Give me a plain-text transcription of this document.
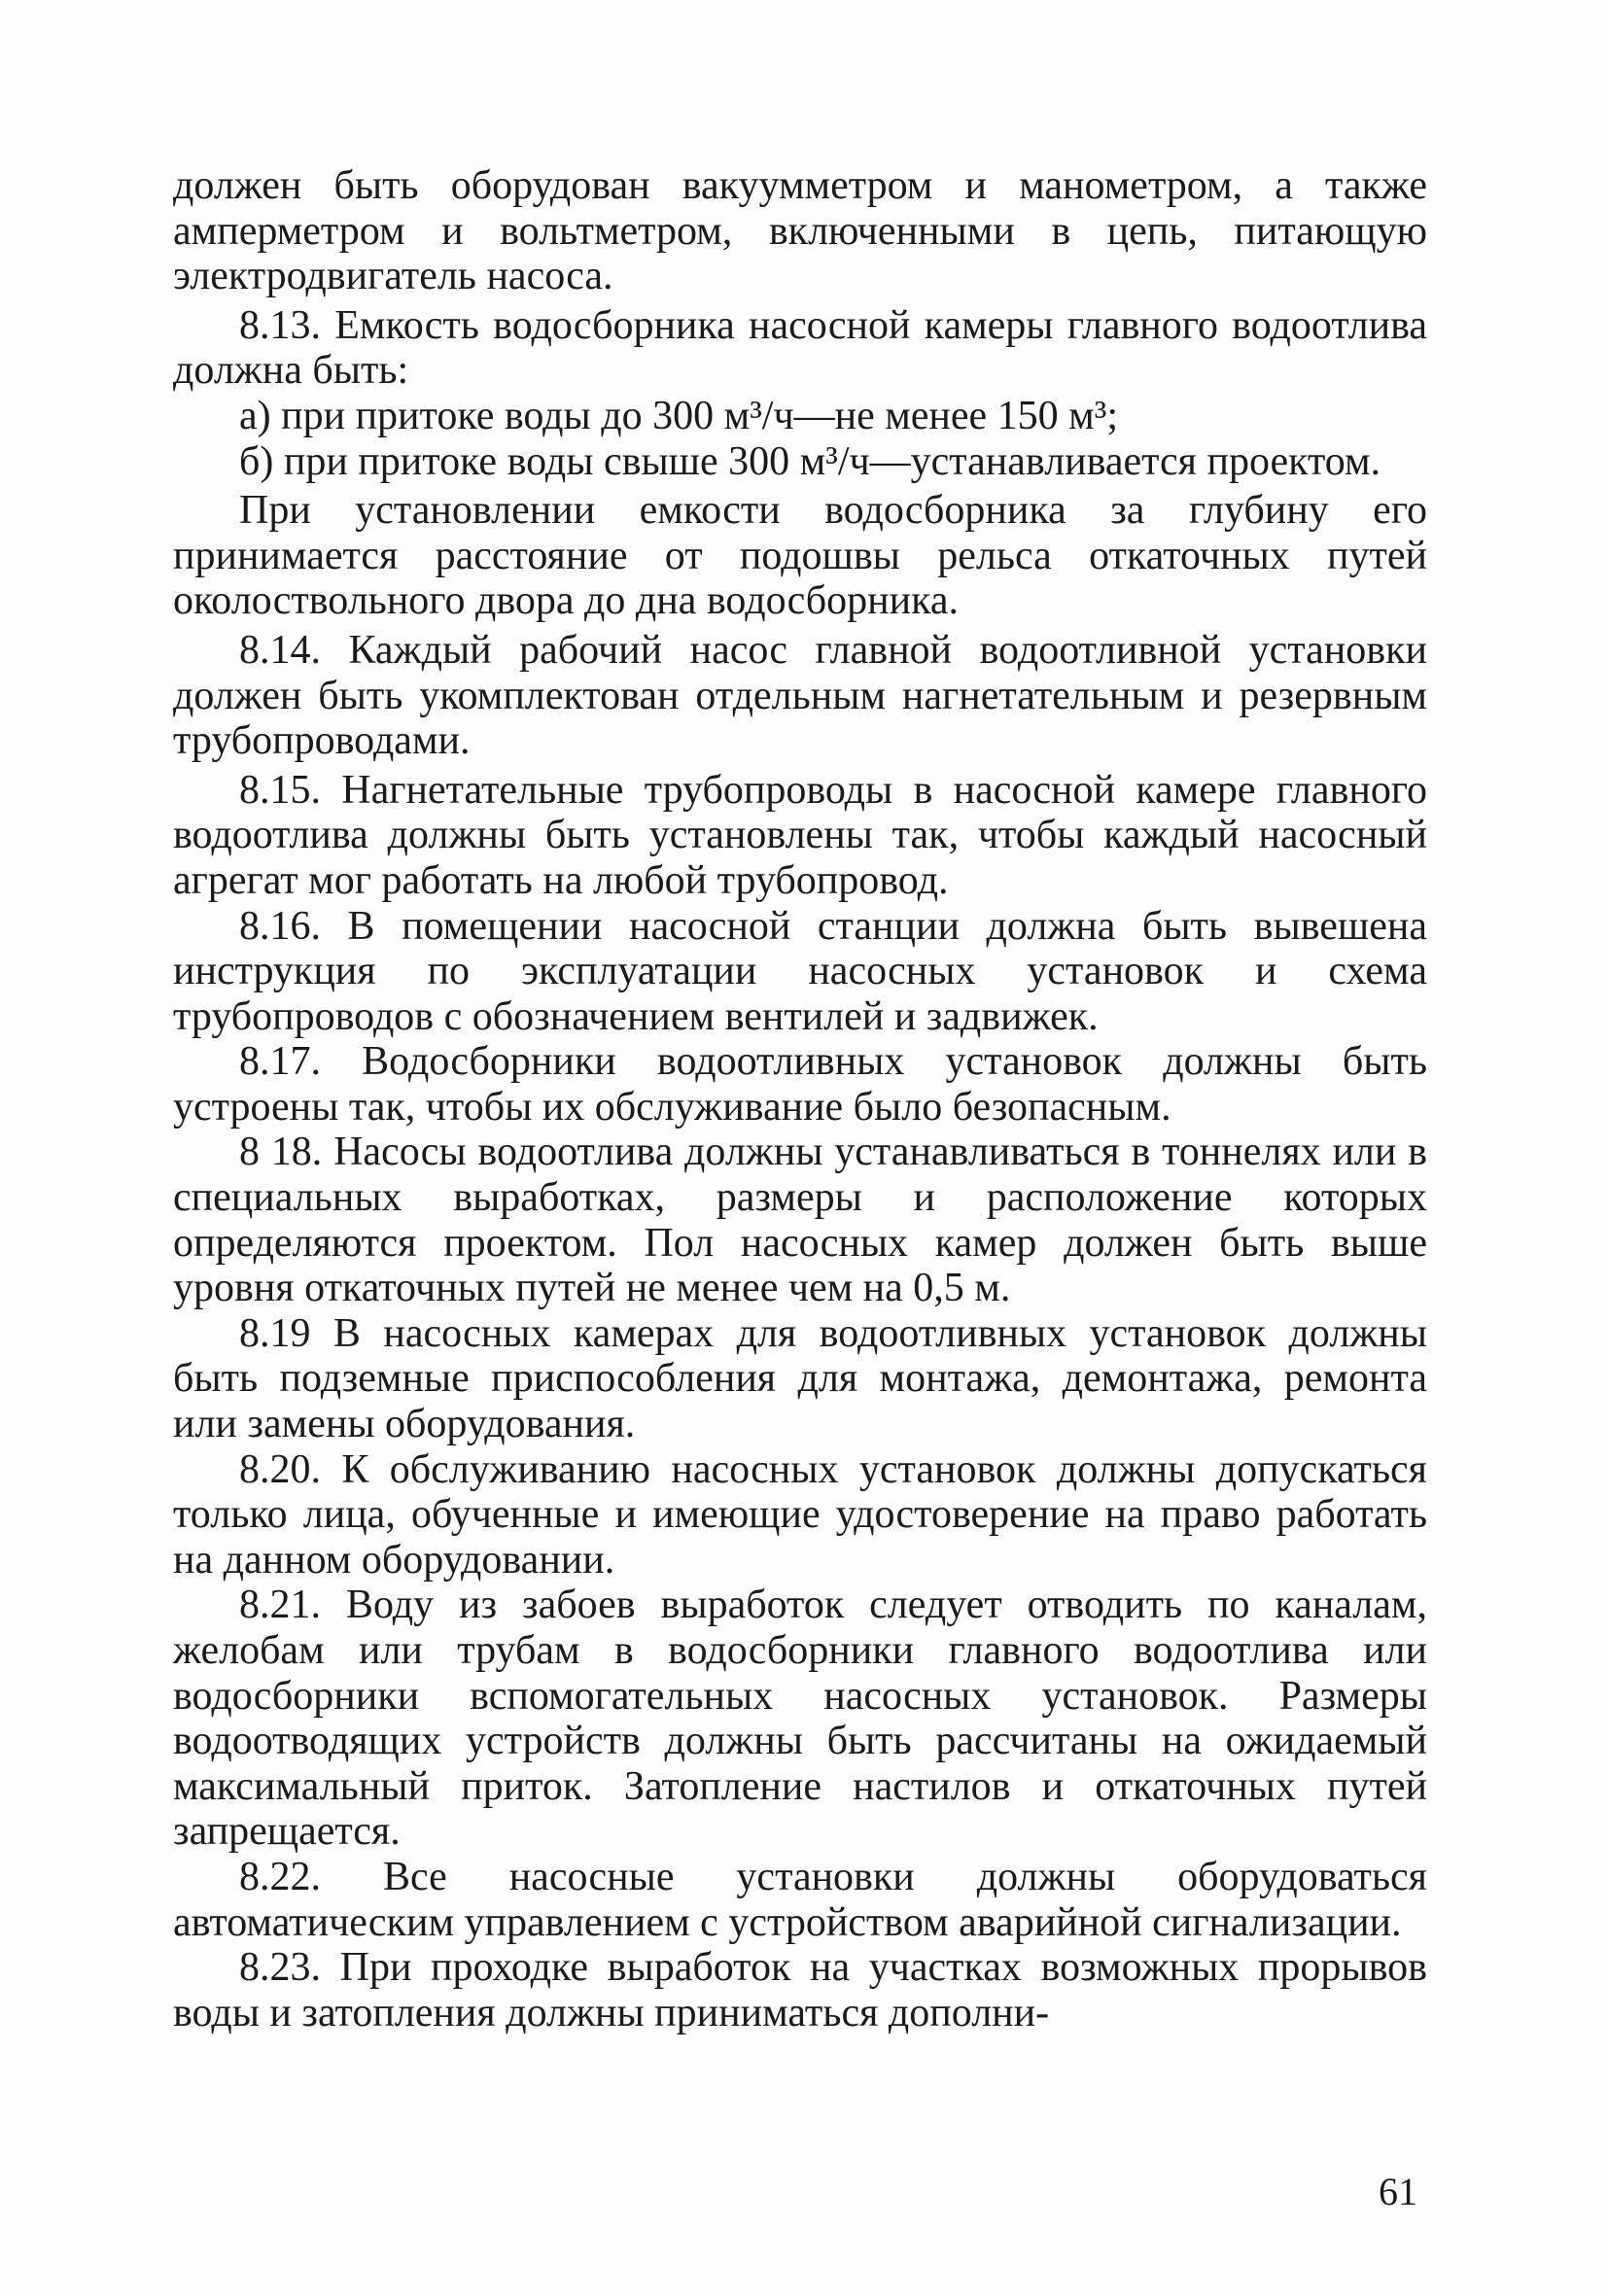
должен быть оборудован вакуумметром и манометром, а также амперметром и вольтметром, включенными в цепь, питающую электродвигатель насоса.

8.13. Емкость водосборника насосной камеры главного водоотлива должна быть:

а) при притоке воды до 300 м³/ч—не менее 150 м³;

б) при притоке воды свыше 300 м³/ч—устанавливается проектом.

При установлении емкости водосборника за глубину его принимается расстояние от подошвы рельса откаточных путей околоствольного двора до дна водосборника.

8.14. Каждый рабочий насос главной водоотливной установки должен быть укомплектован отдельным нагнетательным и резервным трубопроводами.

8.15. Нагнетательные трубопроводы в насосной камере главного водоотлива должны быть установлены так, чтобы каждый насосный агрегат мог работать на любой трубопровод.

8.16. В помещении насосной станции должна быть вывешена инструкция по эксплуатации насосных установок и схема трубопроводов с обозначением вентилей и задвижек.

8.17. Водосборники водоотливных установок должны быть устроены так, чтобы их обслуживание было безопасным.

8 18. Насосы водоотлива должны устанавливаться в тоннелях или в специальных выработках, размеры и расположение которых определяются проектом. Пол насосных камер должен быть выше уровня откаточных путей не менее чем на 0,5 м.

8.19 В насосных камерах для водоотливных установок должны быть подземные приспособления для монтажа, демонтажа, ремонта или замены оборудования.

8.20. К обслуживанию насосных установок должны допускаться только лица, обученные и имеющие удостоверение на право работать на данном оборудовании.

8.21. Воду из забоев выработок следует отводить по каналам, желобам или трубам в водосборники главного водоотлива или водосборники вспомогательных насосных установок. Размеры водоотводящих устройств должны быть рассчитаны на ожидаемый максимальный приток. Затопление настилов и откаточных путей запрещается.

8.22. Все насосные установки должны оборудоваться автоматическим управлением с устройством аварийной сигнализации.

8.23. При проходке выработок на участках возможных прорывов воды и затопления должны приниматься дополни-

61
